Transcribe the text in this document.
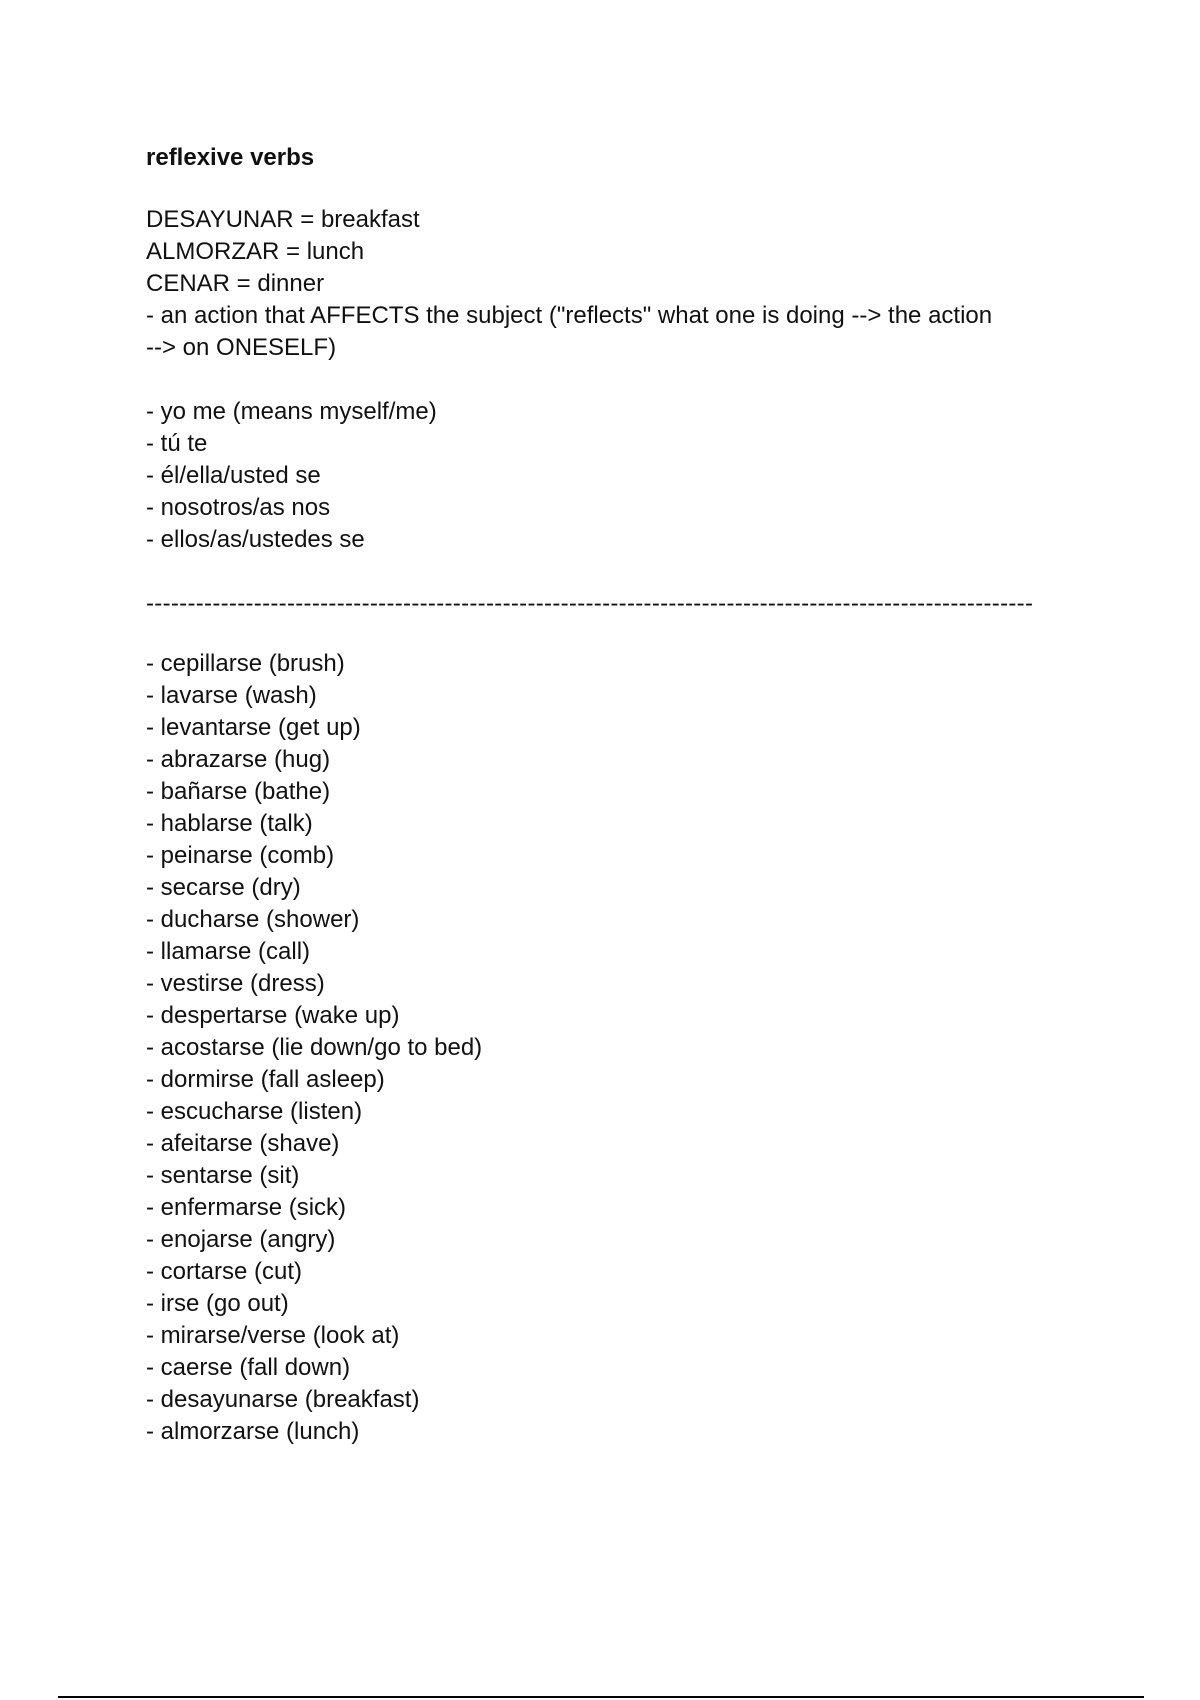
reflexive verbs
DESAYUNAR = breakfast
ALMORZAR = lunch
CENAR = dinner
- an action that AFFECTS the subject ("reflects" what one is doing --> the action
--> on ONESELF)
- yo me (means myself/me)
- tú te
- él/ella/usted se
- nosotros/as nos
- ellos/as/ustedes se
-----------------------------------------------------------------------------------------------------------
- cepillarse (brush)
- lavarse (wash)
- levantarse (get up)
- abrazarse (hug)
- bañarse (bathe)
- hablarse (talk)
- peinarse (comb)
- secarse (dry)
- ducharse (shower)
- llamarse (call)
- vestirse (dress)
- despertarse (wake up)
- acostarse (lie down/go to bed)
- dormirse (fall asleep)
- escucharse (listen)
- afeitarse (shave)
- sentarse (sit)
- enfermarse (sick)
- enojarse (angry)
- cortarse (cut)
- irse (go out)
- mirarse/verse (look at)
- caerse (fall down)
- desayunarse (breakfast)
- almorzarse (lunch)
